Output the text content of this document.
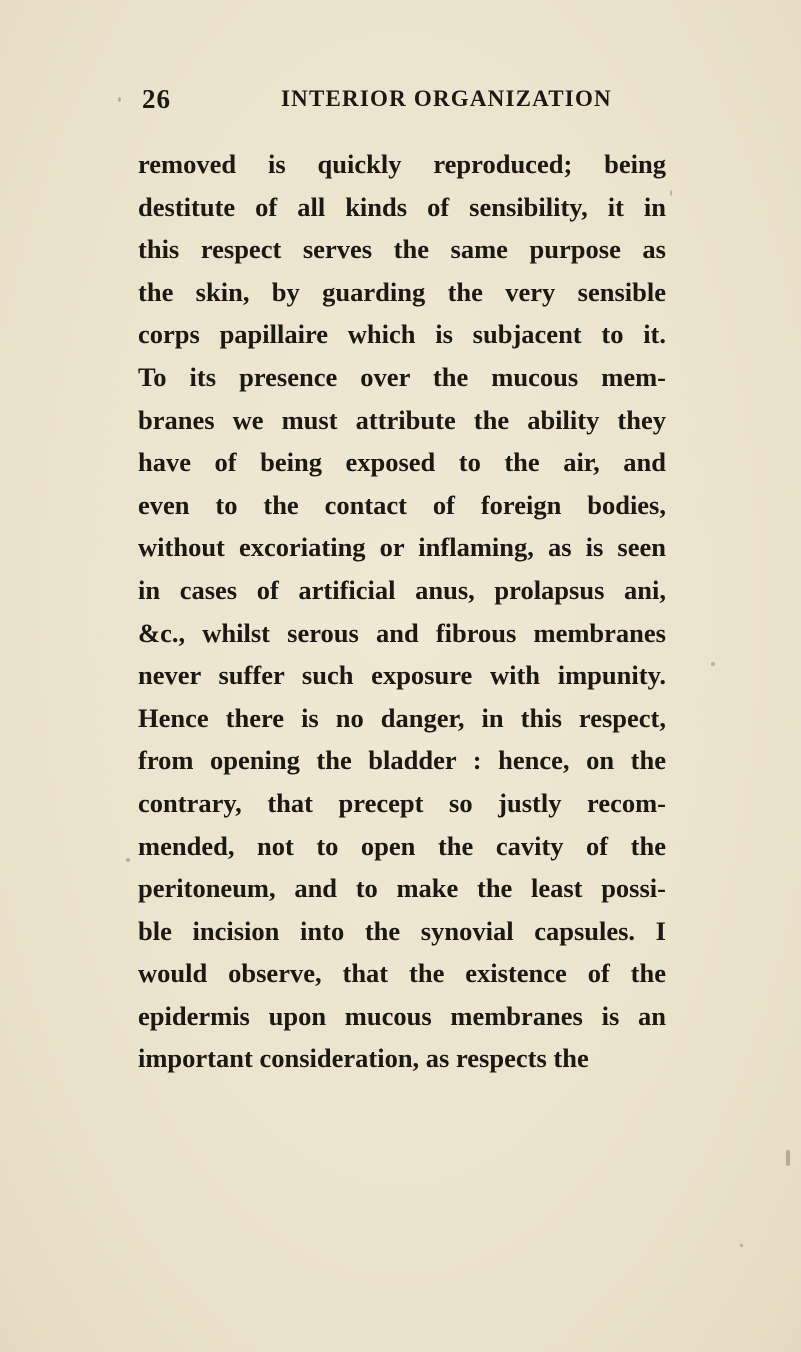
26	INTERIOR ORGANIZATION
removed is quickly reproduced; being
destitute of all kinds of sensibility, it in
this respect serves the same purpose as
the skin, by guarding the very sensible
corps papillaire which is subjacent to it.
To its presence over the mucous mem-
branes we must attribute the ability they
have of being exposed to the air, and
even to the contact of foreign bodies,
without excoriating or inflaming, as is seen
in cases of artificial anus, prolapsus ani,
&c., whilst serous and fibrous membranes
never suffer such exposure with impunity.
Hence there is no danger, in this respect,
from opening the bladder : hence, on the
contrary, that precept so justly recom-
mended, not to open the cavity of the
peritoneum, and to make the least possi-
ble incision into the synovial capsules. I
would observe, that the existence of the
epidermis upon mucous membranes is an
important consideration, as respects the
